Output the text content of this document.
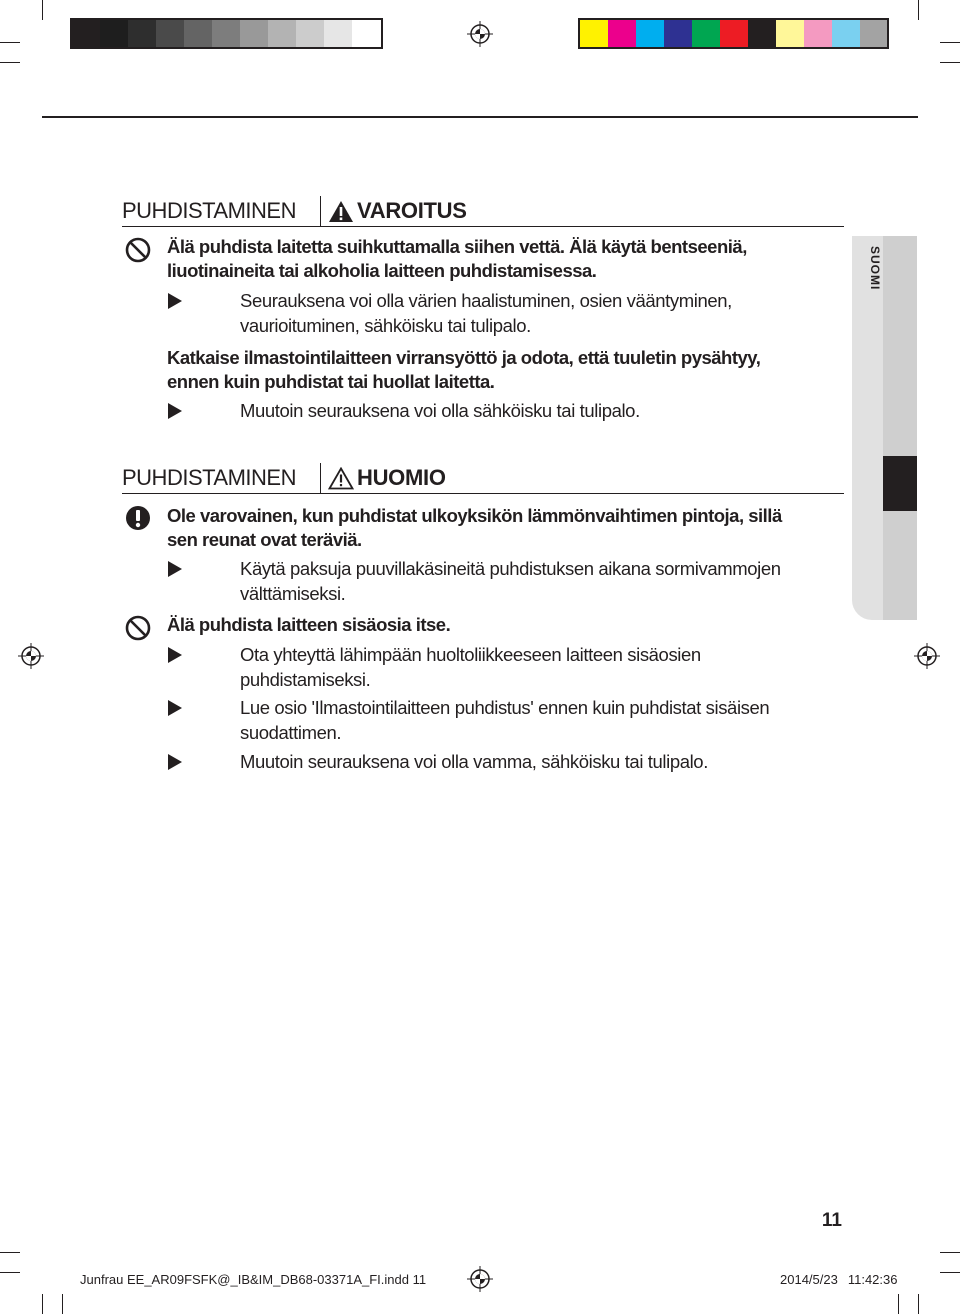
SUOMI
PUHDISTAMINEN	VAROITUS
Älä puhdista laitetta suihkuttamalla siihen vettä. Älä käytä bentseeniä,
liuotinaineita tai alkoholia laitteen puhdistamisessa.
Seurauksena voi olla värien haalistuminen, osien vääntyminen,
vaurioituminen, sähköisku tai tulipalo.
Katkaise ilmastointilaitteen virransyöttö ja odota, että tuuletin pysähtyy,
ennen kuin puhdistat tai huollat laitetta.
Muutoin seurauksena voi olla sähköisku tai tulipalo.
PUHDISTAMINEN	HUOMIO
Ole varovainen, kun puhdistat ulkoyksikön lämmönvaihtimen pintoja, sillä
sen reunat ovat teräviä.
Käytä paksuja puuvillakäsineitä puhdistuksen aikana sormivammojen
välttämiseksi.
Älä puhdista laitteen sisäosia itse.
Ota yhteyttä lähimpään huoltoliikkeeseen laitteen sisäosien
puhdistamiseksi.
Lue osio 'Ilmastointilaitteen puhdistus' ennen kuin puhdistat sisäisen
suodattimen.
Muutoin seurauksena voi olla vamma, sähköisku tai tulipalo.
11
Junfrau EE_AR09FSFK@_IB&IM_DB68-03371A_FI.indd 11	2014/5/23 11:42:36
